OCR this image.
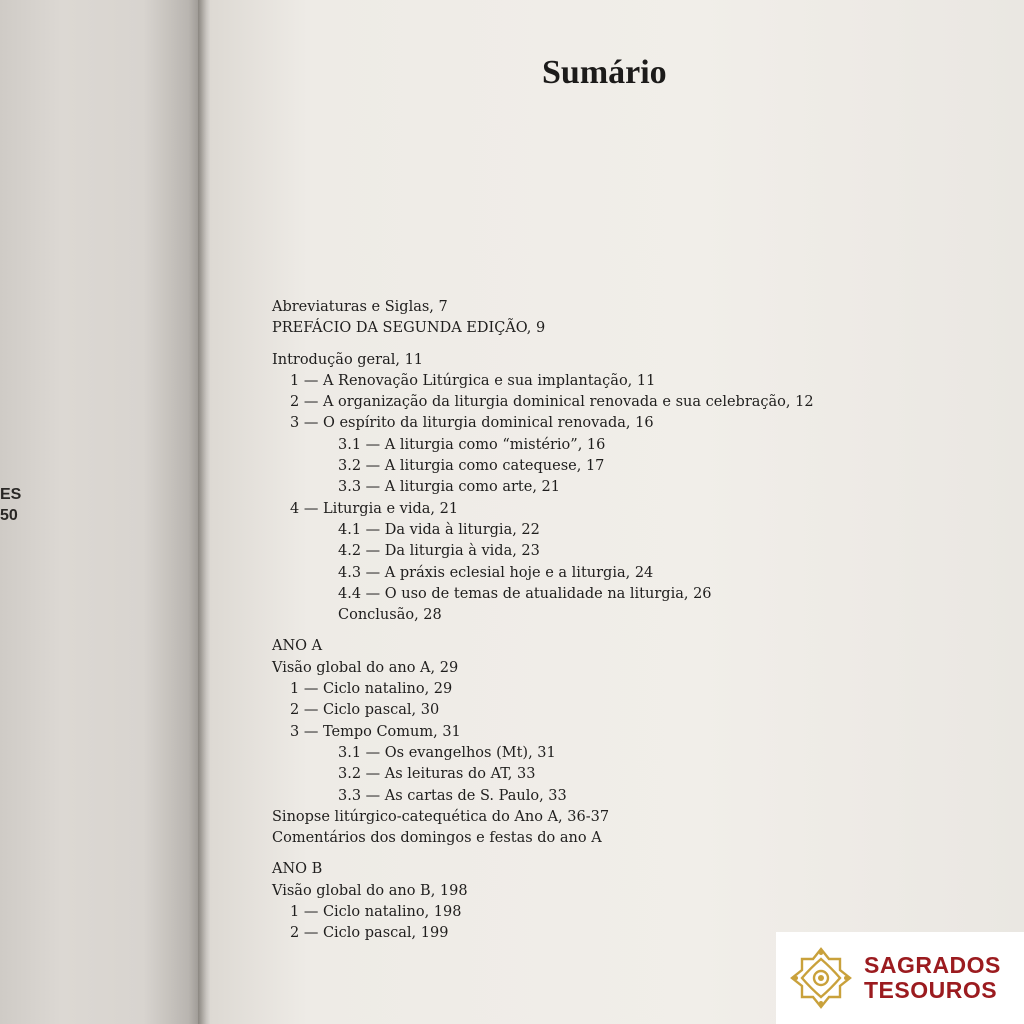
ES
50
Sumário
Abreviaturas e Siglas, 7
PREFÁCIO DA SEGUNDA EDIÇÃO, 9
Introdução geral, 11
1 — A Renovação Litúrgica e sua implantação, 11
2 — A organização da liturgia dominical renovada e sua celebração, 12
3 — O espírito da liturgia dominical renovada, 16
3.1 — A liturgia como “mistério”, 16
3.2 — A liturgia como catequese, 17
3.3 — A liturgia como arte, 21
4 — Liturgia e vida, 21
4.1 — Da vida à liturgia, 22
4.2 — Da liturgia à vida, 23
4.3 — A práxis eclesial hoje e a liturgia, 24
4.4 — O uso de temas de atualidade na liturgia, 26
Conclusão, 28
ANO A
Visão global do ano A, 29
1 — Ciclo natalino, 29
2 — Ciclo pascal, 30
3 — Tempo Comum, 31
3.1 — Os evangelhos (Mt), 31
3.2 — As leituras do AT, 33
3.3 — As cartas de S. Paulo, 33
Sinopse litúrgico-catequética do Ano A, 36-37
Comentários dos domingos e festas do ano A
ANO B
Visão global do ano B, 198
1 — Ciclo natalino, 198
2 — Ciclo pascal, 199
SAGRADOS
TESOUROS
